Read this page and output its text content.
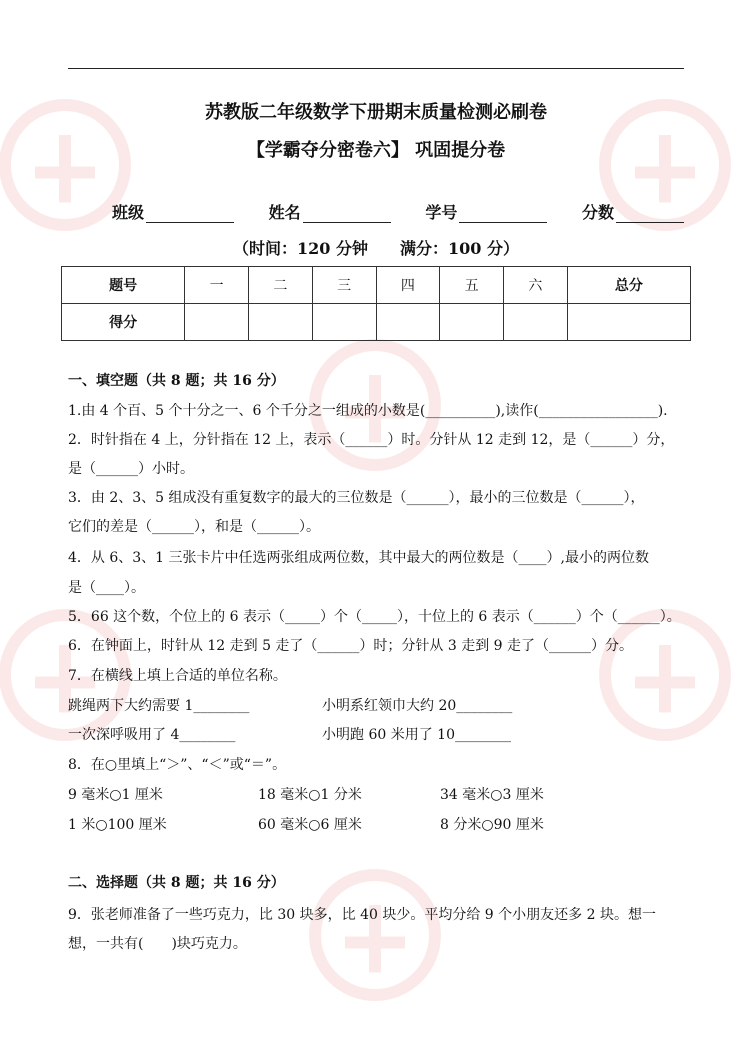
苏教版二年级数学下册期末质量检测必刷卷
【学霸夺分密卷六】 巩固提分卷
班级	姓名	学号	分数
（时间：120 分钟　　满分：100 分）
题号	一	二	三	四	五	六	总分
得分							
一、填空题（共 8 题；共 16 分）
1.由 4 个百、5 个十分之一、6 个千分之一组成的小数是(__________),读作(_________________).
2．时针指在 4 上，分针指在 12 上，表示（______）时。分针从 12 走到 12，是（______）分，
是（______）小时。
3．由 2、3、5 组成没有重复数字的最大的三位数是（______），最小的三位数是（______），
它们的差是（______），和是（______）。
4．从 6、3、1 三张卡片中任选两张组成两位数，其中最大的两位数是（____）,最小的两位数
是（____）。
5．66 这个数，个位上的 6 表示（_____）个（_____），十位上的 6 表示（______）个（______）。
6．在钟面上，时针从 12 走到 5 走了（______）时；分针从 3 走到 9 走了（______）分。
7．在横线上填上合适的单位名称。
跳绳两下大约需要 1________	小明系红领巾大约 20________
一次深呼吸用了 4________	小明跑 60 米用了 10________
8．在○里填上“＞”、“＜”或“＝”。
9 毫米○1 厘米	18 毫米○1 分米	34 毫米○3 厘米
1 米○100 厘米	60 毫米○6 厘米	8 分米○90 厘米
二、选择题（共 8 题；共 16 分）
9．张老师准备了一些巧克力，比 30 块多，比 40 块少。平均分给 9 个小朋友还多 2 块。想一
想，一共有(　　)块巧克力。
